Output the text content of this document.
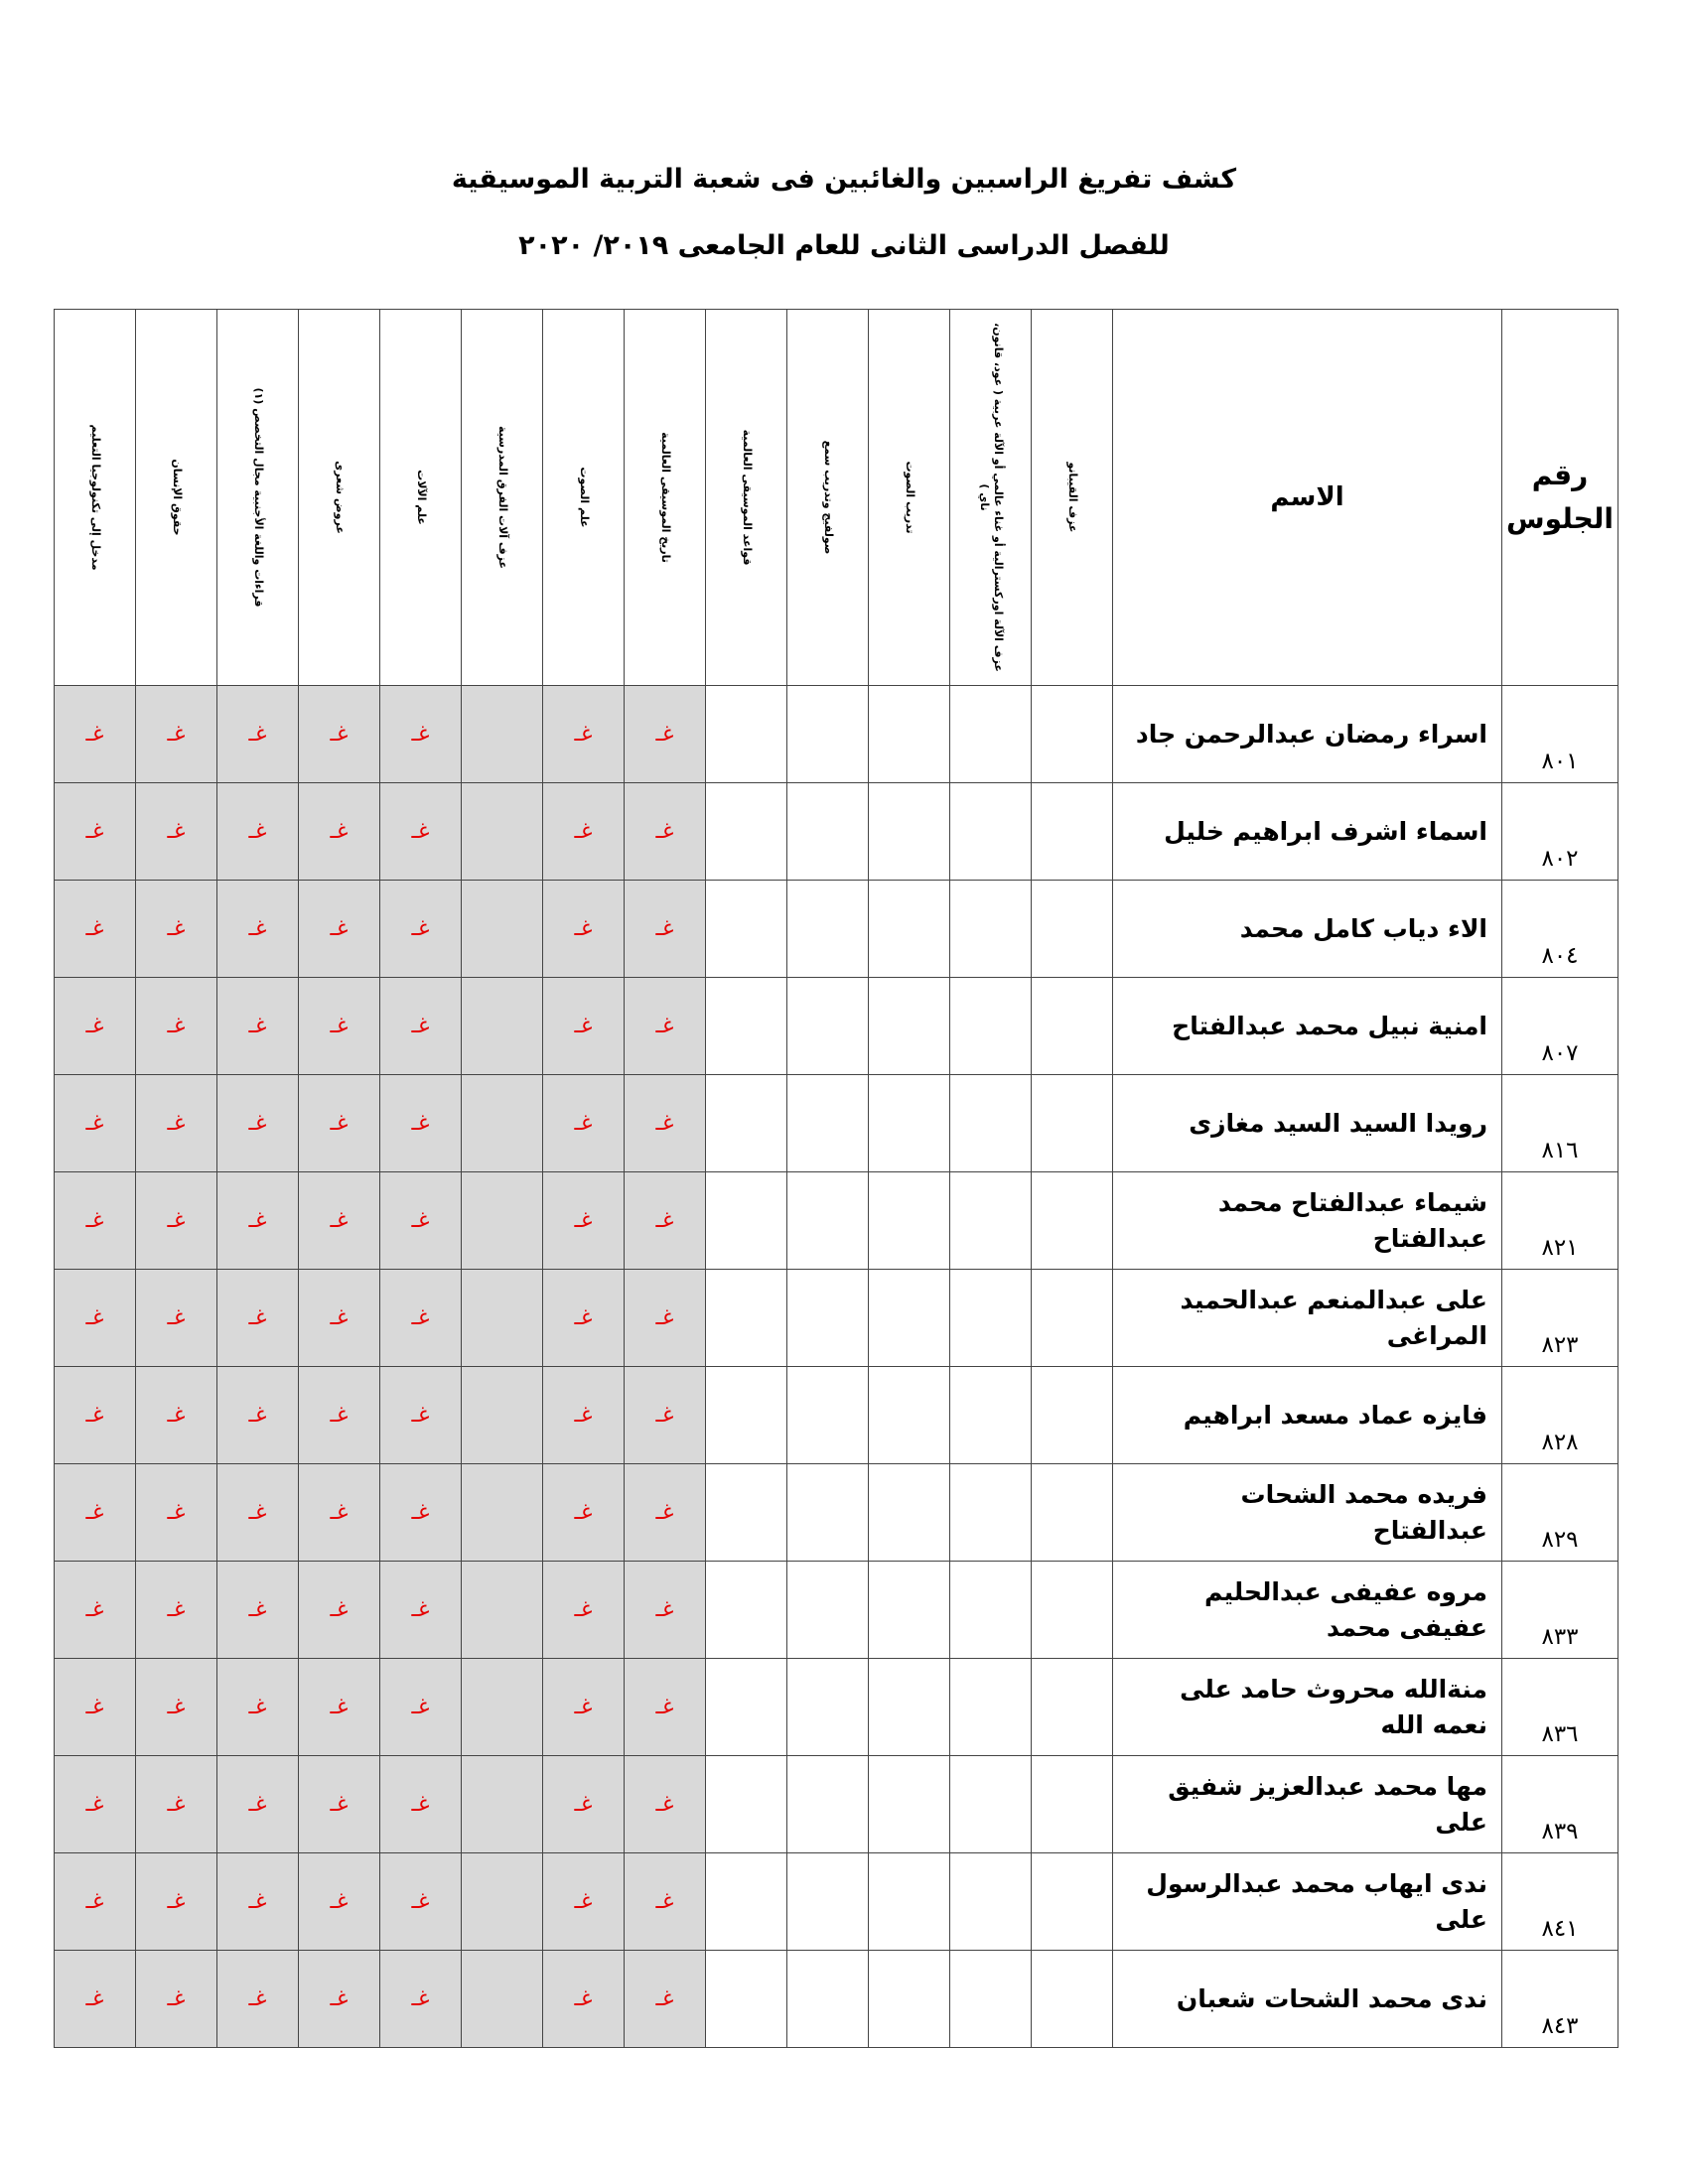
كشف تفريغ الراسبين والغائبين فى شعبة التربية الموسيقية
للفصل الدراسى الثانى للعام الجامعى ٢٠١٩/ ٢٠٢٠
رقم
الجلوس	الاسم	عزف القيبانو	عزف الآلة اوركسترالية أو غناء عالمي أو الآلة عربية ( عود، قانون، ناي )	تدريب الصوت	صولفيج وتدريب سمع	قواعد الموسيقى العالمية	تاريخ الموسيقى العالمية	علم الصوت	عزف آلات الفرق المدرسية	علم الآلات	عروض شعرى	قراءات واللغة الأجنبية مجال التخصص (١)	حقوق الإنسان	مدخل إلى تكنولوجيا التعليم

٨٠١	اسراء رمضان عبدالرحمن جاد						غـ	غـ		غـ	غـ	غـ	غـ	غـ
٨٠٢	اسماء اشرف ابراهيم خليل						غـ	غـ		غـ	غـ	غـ	غـ	غـ
٨٠٤	الاء دياب كامل محمد						غـ	غـ		غـ	غـ	غـ	غـ	غـ
٨٠٧	امنية نبيل محمد عبدالفتاح						غـ	غـ		غـ	غـ	غـ	غـ	غـ
٨١٦	رويدا السيد السيد مغازى						غـ	غـ		غـ	غـ	غـ	غـ	غـ
٨٢١	شيماء عبدالفتاح محمد عبدالفتاح						غـ	غـ		غـ	غـ	غـ	غـ	غـ
٨٢٣	على عبدالمنعم عبدالحميد المراغى						غـ	غـ		غـ	غـ	غـ	غـ	غـ
٨٢٨	فايزه عماد مسعد ابراهيم						غـ	غـ		غـ	غـ	غـ	غـ	غـ
٨٢٩	فريده محمد الشحات عبدالفتاح						غـ	غـ		غـ	غـ	غـ	غـ	غـ
٨٣٣	مروه عفيفى عبدالحليم عفيفى محمد						غـ	غـ		غـ	غـ	غـ	غـ	غـ
٨٣٦	منةالله محروث حامد على نعمه الله						غـ	غـ		غـ	غـ	غـ	غـ	غـ
٨٣٩	مها محمد عبدالعزيز شفيق على						غـ	غـ		غـ	غـ	غـ	غـ	غـ
٨٤١	ندى ايهاب محمد عبدالرسول على						غـ	غـ		غـ	غـ	غـ	غـ	غـ
٨٤٣	ندى محمد الشحات شعبان						غـ	غـ		غـ	غـ	غـ	غـ	غـ
